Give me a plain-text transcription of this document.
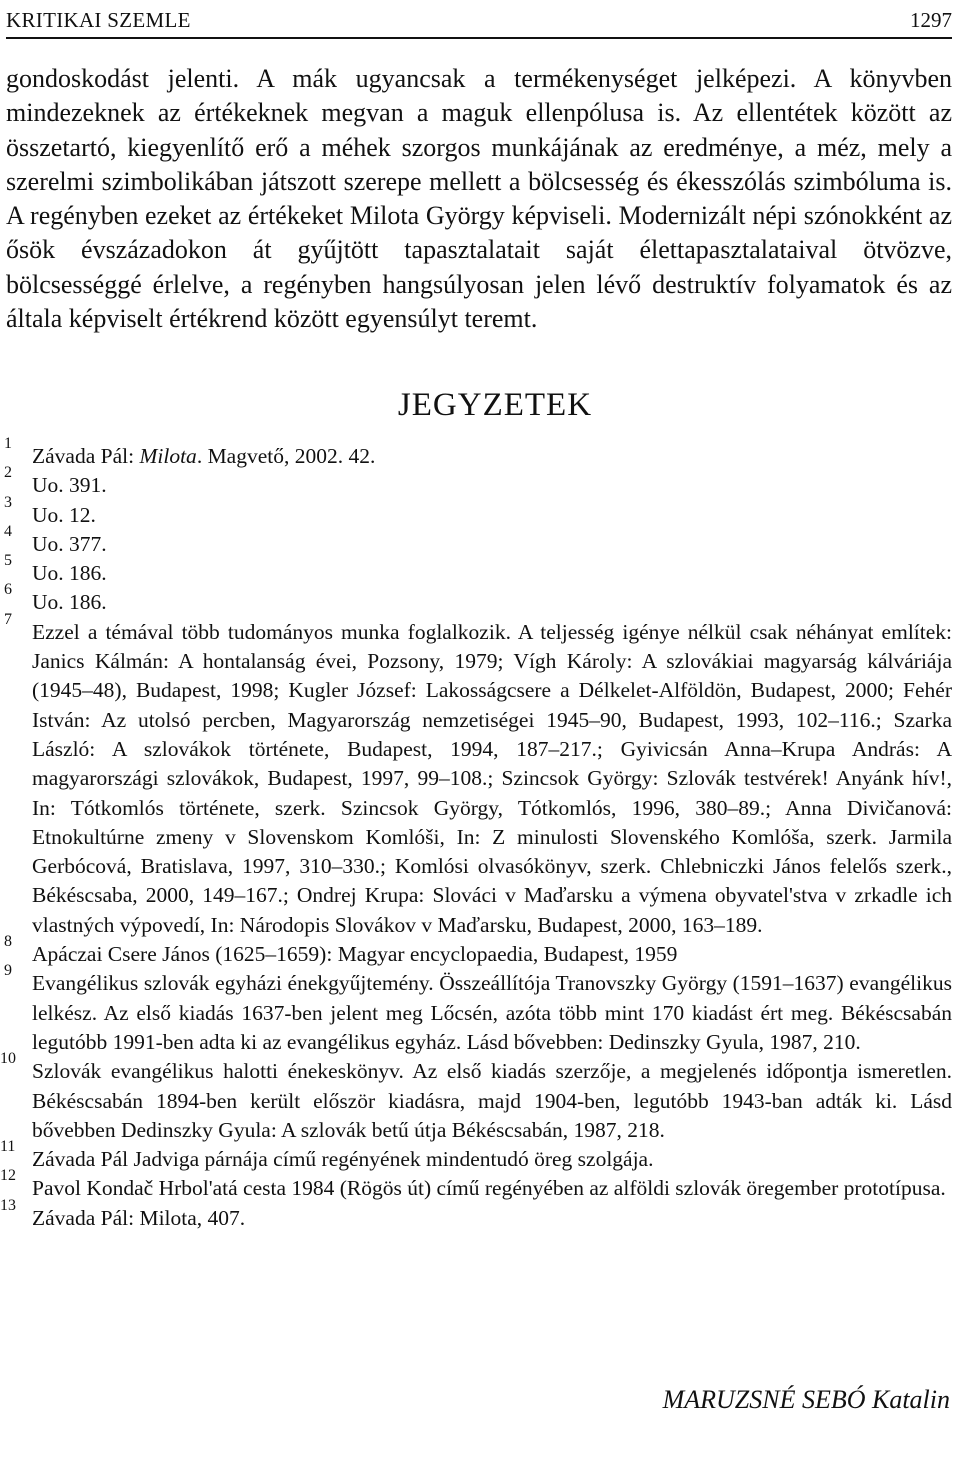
KRITIKAI SZEMLE	1297

gondoskodást jelenti. A mák ugyancsak a termékenységet jelképezi. A könyvben mindezeknek az értékeknek megvan a maguk ellenpólusa is. Az ellentétek között az összetartó, kiegyenlítő erő a méhek szorgos munkájának az eredménye, a méz, mely a szerelmi szimbolikában játszott szerepe mellett a bölcsesség és ékesszólás szimbóluma is. A regényben ezeket az értékeket Milota György képviseli. Modernizált népi szónokként az ősök évszázadokon át gyűjtött tapasztalatait saját élettapasztalataival ötvözve, bölcsességgé érlelve, a regényben hangsúlyosan jelen lévő destruktív folyamatok és az általa képviselt értékrend között egyensúlyt teremt.

JEGYZETEK
1
Závada Pál: Milota. Magvető, 2002. 42.
2
Uo. 391.
3
Uo. 12.
4
Uo. 377.
5
Uo. 186.
6
Uo. 186.
7
Ezzel a témával több tudományos munka foglalkozik. A teljesség igénye nélkül csak néhányat említek: Janics Kálmán: A hontalanság évei, Pozsony, 1979; Vígh Károly: A szlovákiai magyarság kálváriája (1945–48), Budapest, 1998; Kugler József: Lakosságcsere a Délkelet-Alföldön, Budapest, 2000; Fehér István: Az utolsó percben, Magyarország nemzetiségei 1945–90, Budapest, 1993, 102–116.; Szarka László: A szlovákok története, Budapest, 1994, 187–217.; Gyivicsán Anna–Krupa András: A magyarországi szlovákok, Budapest, 1997, 99–108.; Szincsok György: Szlovák testvérek! Anyánk hív!, In: Tótkomlós története, szerk. Szincsok György, Tótkomlós, 1996, 380–89.; Anna Divičanová: Etnokultúrne zmeny v Slovenskom Komlóši, In: Z minulosti Slovenského Komlóša, szerk. Jarmila Gerbócová, Bratislava, 1997, 310–330.; Komlósi olvasókönyv, szerk. Chlebniczki János felelős szerk., Békéscsaba, 2000, 149–167.; Ondrej Krupa: Slováci v Maďarsku a výmena obyvatel'stva v zrkadle ich vlastných výpovedí, In: Národopis Slovákov v Maďarsku, Budapest, 2000, 163–189.
8
Apáczai Csere János (1625–1659): Magyar encyclopaedia, Budapest, 1959
9
Evangélikus szlovák egyházi énekgyűjtemény. Összeállítója Tranovszky György (1591–1637) evangélikus lelkész. Az első kiadás 1637-ben jelent meg Lőcsén, azóta több mint 170 kiadást ért meg. Békéscsabán legutóbb 1991-ben adta ki az evangélikus egyház. Lásd bővebben: Dedinszky Gyula, 1987, 210.
10
Szlovák evangélikus halotti énekeskönyv. Az első kiadás szerzője, a megjelenés időpontja ismeretlen. Békéscsabán 1894-ben került először kiadásra, majd 1904-ben, legutóbb 1943-ban adták ki. Lásd bővebben Dedinszky Gyula: A szlovák betű útja Békéscsabán, 1987, 218.
11
Závada Pál Jadviga párnája című regényének mindentudó öreg szolgája.
12
Pavol Kondač Hrbol'atá cesta 1984 (Rögös út) című regényében az alföldi szlovák öregember prototípusa.
13
Závada Pál: Milota, 407.

MARUZSNÉ SEBÓ Katalin
